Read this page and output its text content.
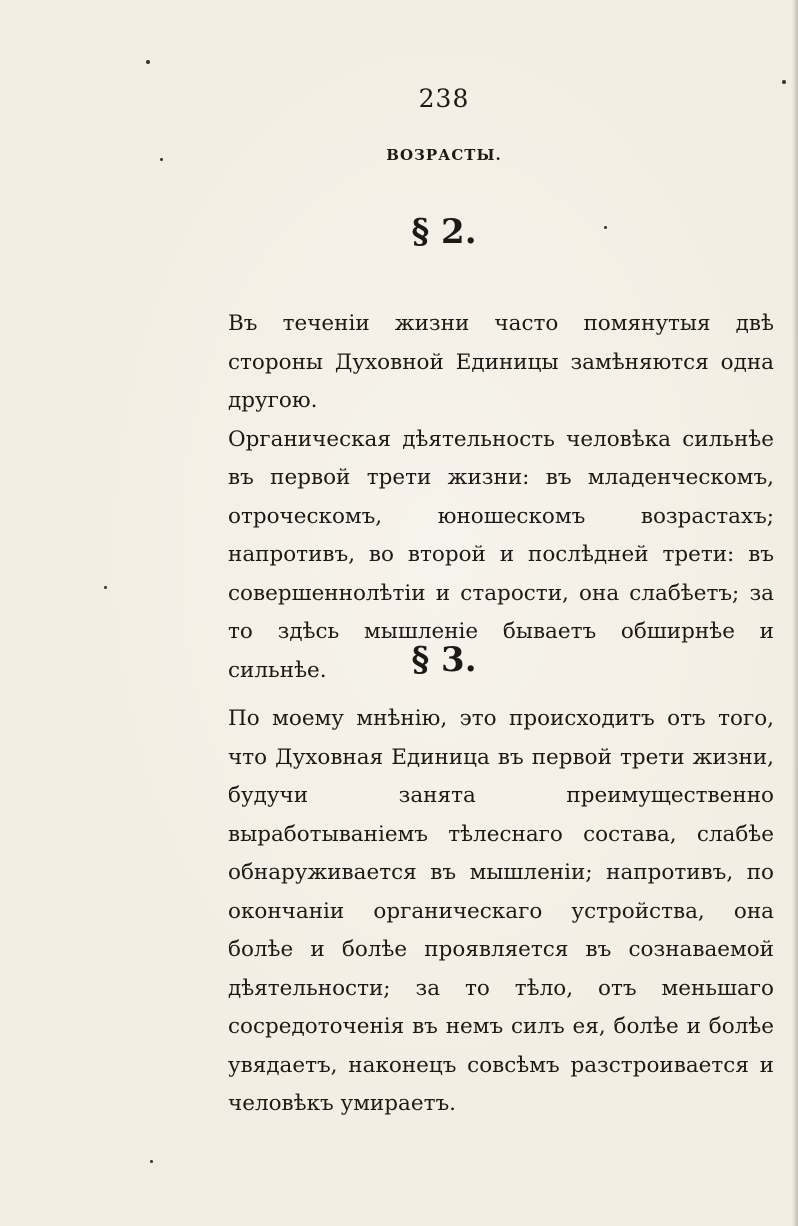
238
ВОЗРАСТЫ.
§ 2.

Въ теченіи жизни часто помянутыя двѣ стороны Духовной Единицы замѣняются одна другою.

Органическая дѣятельность человѣка сильнѣе въ первой трети жизни: въ младенческомъ, отроческомъ, юношескомъ возрастахъ; напротивъ, во второй и послѣдней трети: въ совершеннолѣтіи и старости, она слабѣетъ; за то здѣсь мышленіе бываетъ обширнѣе и сильнѣе.	§ 3.

По моему мнѣнію, это происходитъ отъ того, что Духовная Единица въ первой трети жизни, будучи занята преимущественно выработываніемъ тѣлеснаго состава, слабѣе обнаруживается въ мышленіи; напротивъ, по окончаніи органическаго устройства, она болѣе и болѣе проявляется въ сознаваемой дѣятельности; за то тѣло, отъ меньшаго сосредоточенія въ немъ силъ ея, болѣе и болѣе увядаетъ, наконецъ совсѣмъ разстроивается и человѣкъ умираетъ.
